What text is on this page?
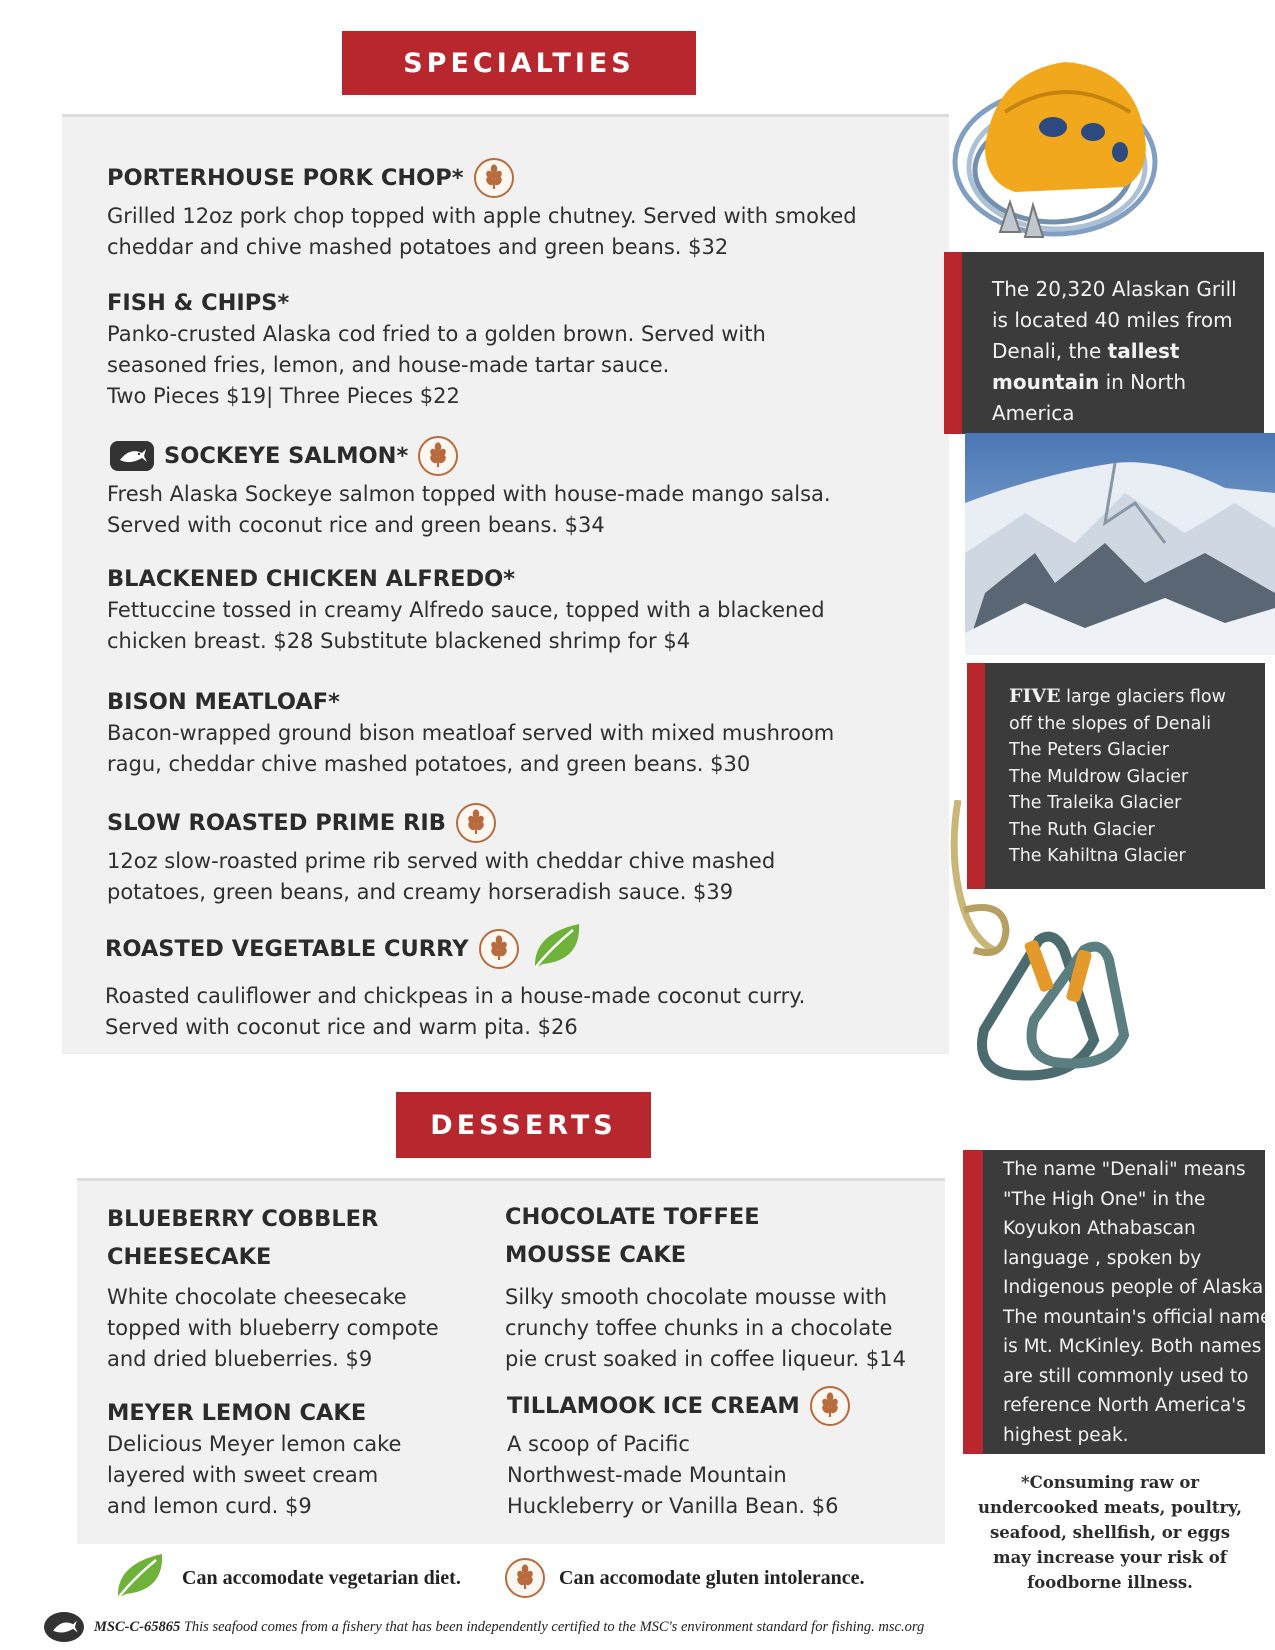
SPECIALTIES
PORTERHOUSE PORK CHOP*
Grilled 12oz pork chop topped with apple chutney. Served with smoked
cheddar and chive mashed potatoes and green beans. $32
FISH & CHIPS*
Panko-crusted Alaska cod fried to a golden brown. Served with
seasoned fries, lemon, and house-made tartar sauce.
Two Pieces $19| Three Pieces $22
SOCKEYE SALMON*
Fresh Alaska Sockeye salmon topped with house-made mango salsa.
Served with coconut rice and green beans. $34
BLACKENED CHICKEN ALFREDO*
Fettuccine tossed in creamy Alfredo sauce, topped with a blackened
chicken breast. $28 Substitute blackened shrimp for $4
BISON MEATLOAF*
Bacon-wrapped ground bison meatloaf served with mixed mushroom
ragu, cheddar chive mashed potatoes, and green beans. $30
SLOW ROASTED PRIME RIB
12oz slow-roasted prime rib served with cheddar chive mashed
potatoes, green beans, and creamy horseradish sauce. $39
ROASTED VEGETABLE CURRY
Roasted cauliflower and chickpeas in a house-made coconut curry.
Served with coconut rice and warm pita. $26
DESSERTS
BLUEBERRY COBBLER
CHEESECAKE
White chocolate cheesecake
topped with blueberry compote
and dried blueberries. $9
CHOCOLATE TOFFEE
MOUSSE CAKE
Silky smooth chocolate mousse with
crunchy toffee chunks in a chocolate
pie crust soaked in coffee liqueur. $14
MEYER LEMON CAKE
Delicious Meyer lemon cake
layered with sweet cream
and lemon curd. $9
TILLAMOOK ICE CREAM
A scoop of Pacific
Northwest-made Mountain
Huckleberry or Vanilla Bean. $6
The 20,320 Alaskan Grill
is located 40 miles from
Denali, the tallest
mountain in North
America
FIVE large glaciers flow
off the slopes of Denali
The Peters Glacier
The Muldrow Glacier
The Traleika Glacier
The Ruth Glacier
The Kahiltna Glacier
The name "Denali" means
"The High One" in the
Koyukon Athabascan
language , spoken by
Indigenous people of Alaska.
The mountain's official name
is Mt. McKinley. Both names
are still commonly used to
reference North America's
highest peak.
*Consuming raw or
undercooked meats, poultry,
seafood, shellfish, or eggs
may increase your risk of
foodborne illness.
Can accomodate vegetarian diet.	Can accomodate gluten intolerance.
MSC-C-65865 This seafood comes from a fishery that has been independently certified to the MSC's environment standard for fishing. msc.org
